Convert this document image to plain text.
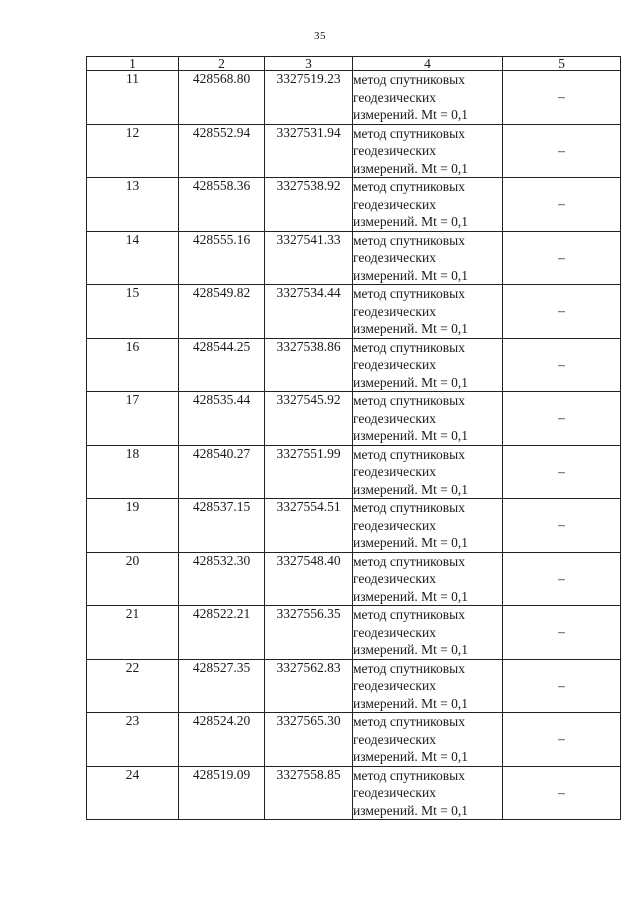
35
1	2	3	4	5
11	428568.80	3327519.23	метод спутниковых
геодезических
измерений. Mt = 0,1	–
12	428552.94	3327531.94	метод спутниковых
геодезических
измерений. Mt = 0,1	–
13	428558.36	3327538.92	метод спутниковых
геодезических
измерений. Mt = 0,1	–
14	428555.16	3327541.33	метод спутниковых
геодезических
измерений. Mt = 0,1	–
15	428549.82	3327534.44	метод спутниковых
геодезических
измерений. Mt = 0,1	–
16	428544.25	3327538.86	метод спутниковых
геодезических
измерений. Mt = 0,1	–
17	428535.44	3327545.92	метод спутниковых
геодезических
измерений. Mt = 0,1	–
18	428540.27	3327551.99	метод спутниковых
геодезических
измерений. Mt = 0,1	–
19	428537.15	3327554.51	метод спутниковых
геодезических
измерений. Mt = 0,1	–
20	428532.30	3327548.40	метод спутниковых
геодезических
измерений. Mt = 0,1	–
21	428522.21	3327556.35	метод спутниковых
геодезических
измерений. Mt = 0,1	–
22	428527.35	3327562.83	метод спутниковых
геодезических
измерений. Mt = 0,1	–
23	428524.20	3327565.30	метод спутниковых
геодезических
измерений. Mt = 0,1	–
24	428519.09	3327558.85	метод спутниковых
геодезических
измерений. Mt = 0,1	–
